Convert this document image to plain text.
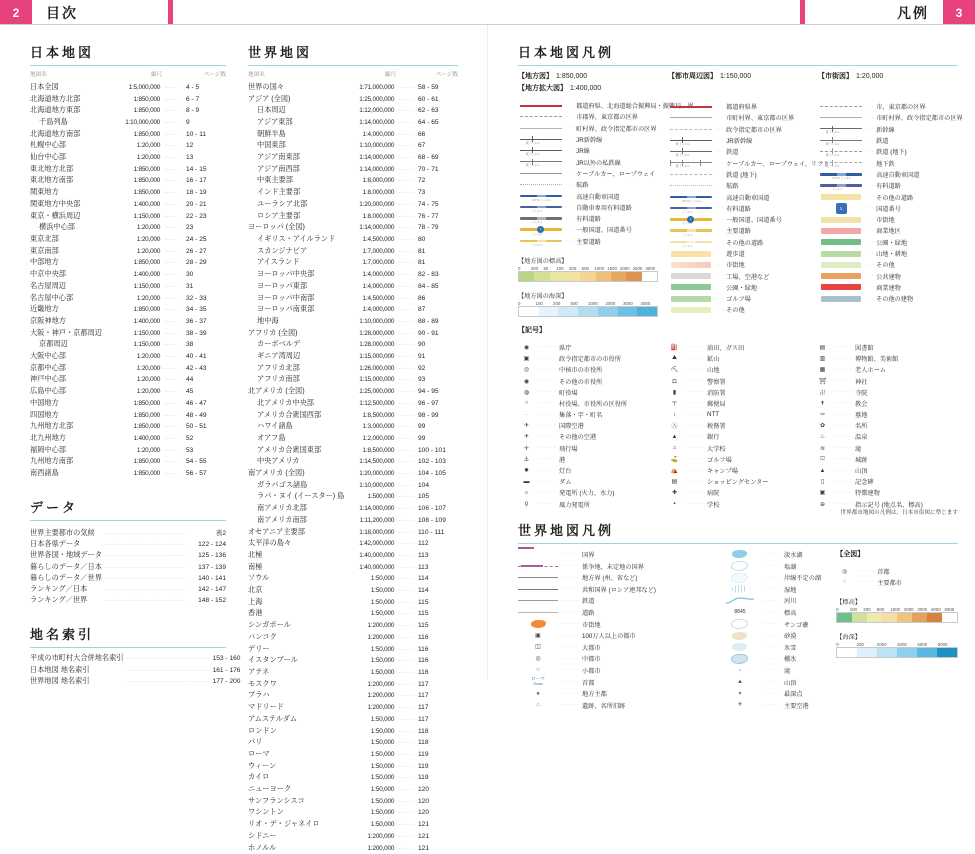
2 目次	凡例 3
日本地図
地図名	縮尺		ページ数
日本全図	1:5,000,000	······	4 - 5
北海道地方北部	1:850,000	······	6 - 7
北海道地方東部	1:850,000	······	8 - 9
千島列島	1:10,000,000	······	9
北海道地方南部	1:850,000	······	10 - 11
札幌中心部	1:20,000	······	12
仙台中心部	1:20,000	······	13
東北地方北部	1:850,000	······	14 - 15
東北地方南部	1:850,000	······	16 - 17
関東地方	1:850,000	······	18 - 19
関東地方中央部	1:400,000	······	20 - 21
東京・横浜周辺	1:150,000	······	22 - 23
横浜中心部	1:20,000	······	23
東京北部	1:20,000	······	24 - 25
東京南部	1:20,000	······	26 - 27
中部地方	1:850,000	······	28 - 29
中京中央部	1:400,000	······	30
名古屋周辺	1:150,000	······	31
名古屋中心部	1:20,000	······	32 - 33
近畿地方	1:850,000	······	34 - 35
京阪神地方	1:400,000	······	36 - 37
大阪・神戸・京都周辺	1:150,000	······	38 - 39
京都周辺	1:150,000	······	38
大阪中心部	1:20,000	······	40 - 41
京都中心部	1:20,000	······	42 - 43
神戸中心部	1:20,000	······	44
広島中心部	1:20,000	······	45
中国地方	1:850,000	······	46 - 47
四国地方	1:850,000	······	48 - 49
九州地方北部	1:850,000	······	50 - 51
北九州地方	1:400,000	······	52
福岡中心部	1:20,000	······	53
九州地方南部	1:850,000	······	54 - 55
南西諸島	1:850,000	······	56 - 57
データ
世界主要都市の気候	································	表2
日本各県データ	································	122 - 124
世界各国・地域データ	································	125 - 136
暮らしのデータ／日本	································	137 - 139
暮らしのデータ／世界	································	140 - 141
ランキング／日本	································	142 - 147
ランキング／世界	································	148 - 152
地名索引
平成の市町村大合併地名索引	································	153 - 160
日本地図 地名索引	································	161 - 176
世界地図 地名索引	································	177 - 200
世界地図
地図名	縮尺		ページ数
世界の国々	1:71,000,000	······	58 - 59
アジア (全図)	1:25,000,000	······	60 - 61
日本周辺	1:12,000,000	······	62 - 63
アジア東部	1:14,000,000	······	64 - 65
朝鮮半島	1:4,000,000	······	66
中国東部	1:10,000,000	······	67
アジア南東部	1:14,000,000	······	68 - 69
アジア南西部	1:14,000,000	······	70 - 71
中東主要部	1:8,000,000	······	72
インド主要部	1:8,000,000	······	73
ユーラシア北部	1:20,000,000	······	74 - 75
ロシア主要部	1:8,000,000	······	76 - 77
ヨーロッパ (全図)	1:14,000,000	······	78 - 79
イギリス・アイルランド	1:4,500,000	······	80
スカンジナビア	1:7,000,000	······	81
アイスランド	1:7,000,000	······	81
ヨーロッパ中央部	1:4,000,000	······	82 - 83
ヨーロッパ東部	1:4,000,000	······	84 - 85
ヨーロッパ中南部	1:4,500,000	······	86
ヨーロッパ南東部	1:4,000,000	······	87
地中海	1:10,000,000	······	88 - 89
アフリカ (全図)	1:28,000,000	······	90 - 91
カーボベルデ	1:28,000,000	······	90
ギニア湾周辺	1:15,000,000	······	91
アフリカ北部	1:26,000,000	······	92
アフリカ南部	1:15,000,000	······	93
北アメリカ (全図)	1:25,000,000	······	94 - 95
北アメリカ中央部	1:12,500,000	······	96 - 97
アメリカ合衆国西部	1:8,500,000	······	98 - 99
ハワイ諸島	1:3,000,000	······	99
オアフ島	1:2,000,000	······	99
アメリカ合衆国東部	1:8,500,000	······	100 - 101
中央アメリカ	1:14,500,000	······	102 - 103
南アメリカ (全図)	1:20,000,000	······	104 - 105
ガラパゴス諸島	1:10,000,000	······	104
ラパ・ヌイ (イースター) 島	1:500,000	······	105
南アメリカ北部	1:14,000,000	······	106 - 107
南アメリカ南部	1:11,200,000	······	108 - 109
オセアニア主要部	1:18,000,000	······	110 - 111
太平洋の島々	1:42,000,000	······	112
北極	1:40,000,000	······	113
南極	1:40,000,000	······	113
ソウル	1:50,000	······	114
北京	1:50,000	······	114
上海	1:50,000	······	115
香港	1:50,000	······	115
シンガポール	1:200,000	······	115
バンコク	1:200,000	······	116
デリー	1:50,000	······	116
イスタンブール	1:50,000	······	116
アテネ	1:50,000	······	116
モスクワ	1:200,000	······	117
プラハ	1:200,000	······	117
マドリード	1:200,000	······	117
アムステルダム	1:50,000	······	117
ロンドン	1:50,000	······	118
パリ	1:50,000	······	118
ローマ	1:50,000	······	119
ウィーン	1:50,000	······	119
カイロ	1:50,000	······	119
ニューヨーク	1:50,000	······	120
サンフランシスコ	1:50,000	······	120
ワシントン	1:50,000	······	120
リオ・デ・ジャネイロ	1:50,000	······	121
シドニー	1:200,000	······	121
ホノルル	1:200,000	······	121
日本地図凡例
【地方図】 1:850,000
【地方拡大図】 1:400,000
··· 都道府県、北海道総合振興局・振興局、界
··· 市郡界、東京都の区界
··· 町村界、政令指定都市の区界
駅 トンネル
··· JR新幹線
駅 トンネル
··· JR線
駅 トンネル
··· JR以外の私鉄線
··· ケーブルカー、ロープウェイ
··· 航路
JCT IC トンネル
··· 高速自動車国道
トンネル
··· 自動車専用有料道路
トンネル
··· 有料道路
1
トンネル
··· 一般国道、国道番号
トンネル
··· 主要道路
【地方図の標高】
0	200	50	100	200	500	1000 1500 2000 2500 3000
【地方図の海深】
0	100	200	500	1000	2000	3000	4000
【都市周辺図】 1:150,000
··· 都道府県界
··· 市町村界、東京都の区界
··· 政令指定都市の区界
駅 トンネル
··· JR新幹線
駅 トンネル
··· 鉄道
駅 トンネル
··· ケーブルカー、ロープウェイ、リフト
··· 鉄道 (地下)
··· 航路
JCT IC トンネル
··· 高速自動車国道
トンネル
··· 有料道路
1
トンネル
··· 一般国道、国道番号
トンネル
··· 主要道路
トンネル
··· その他の道路
··· 遊歩道
··· 市街地
··· 工場、空港など
··· 公園・緑地
··· ゴルフ場
··· その他
【市街図】 1:20,000
··· 市、東京都の区界
··· 市町村界、政令指定都市の区界
駅 トンネル
··· 新幹線
駅 トンネル
··· 鉄道
駅 トンネル
··· 鉄道 (地下)
駅 トンネル
··· 地下鉄
JCT IC トンネル
··· 高速自動車国道
トンネル
··· 有料道路
··· その他の道路
1	··· 国道番号
··· 市街地
··· 商業地区
··· 公園・緑地
··· 山地・耕地
··· その他
··· 公共建物
··· 商業建物
··· その他の建物
【記号】
◉	······· 県庁
▣	······· 政令指定都市の市役所
◎	······· 中核市の市役所
◉	······· その他の市役所
◍	······· 町役場
○	······· 村役場、市役所の区役所
·	······· 集落・字・町名
✈	······· 国際空港
✈	······· その他の空港
✛	······· 飛行場
⚓	······· 港
✸	······· 灯台
▬	······· ダム
☼	······· 発電所 (火力、水力)
ϙ	······· 風力発電所
⛽	······· 油田、ガス田
⛰	······· 鉱山
⛏	······· 山地
⚖	······· 警察署
▮	······· 消防署
〒	······· 郵便局
↓	······· NTT
Ⓐ	······· 税務署
▲	······· 銀行
⌂	······· 大学校
⛳	······· ゴルフ場
⛺	······· キャンプ場
▤	······· ショッピングセンター
✚	······· 病院
▪	······· 学校
▤	······· 図書館
▥	······· 博物館、美術館
▦	······· 老人ホーム
⛩	······· 神社
卍	······· 寺院
✝	······· 教会
⚰	······· 墓地
✿	······· 名所
♨	······· 温泉
≋	······· 滝
⛫	······· 城跡
▲	······· 山頂
▯	······· 記念碑
▣	······· 特徴建物
⊕	······· 指示記号 (地点名、標高)
世界都市地図の凡例は、日本市街図に準じます
世界地図凡例
······· 国界
······· 係争地、未定地の国界
······· 地方界 (州、省など)
······· 共和国界 (ロシア連邦など)
······· 鉄道
······· 道路
······· 市街地
▣	······· 100万人以上の都市
◫	······· 大都市
◎	······· 中都市
○	······· 小都市
ローマ
Roma	······· 首都
●	······· 地方主都
⌂	······· 遺跡、名所旧跡
······· 淡水湖
······· 塩湖
······· 岸線不定の湖
······· 湿地
······· 河川
8845	······· 標高
······· サンゴ礁
······· 砂漠
······· 氷雪
······· 棚氷
⌄	······· 滝
▲	······· 山頂
▾	······· 最深点
✈	······· 主要空港
【全図】
◎	······· 首都
◌	······· 主要都市
【標高】
0	100	200	500	1000 2000 3000 4000 5000
【海深】
0	200	2000	4000	6000	8000
